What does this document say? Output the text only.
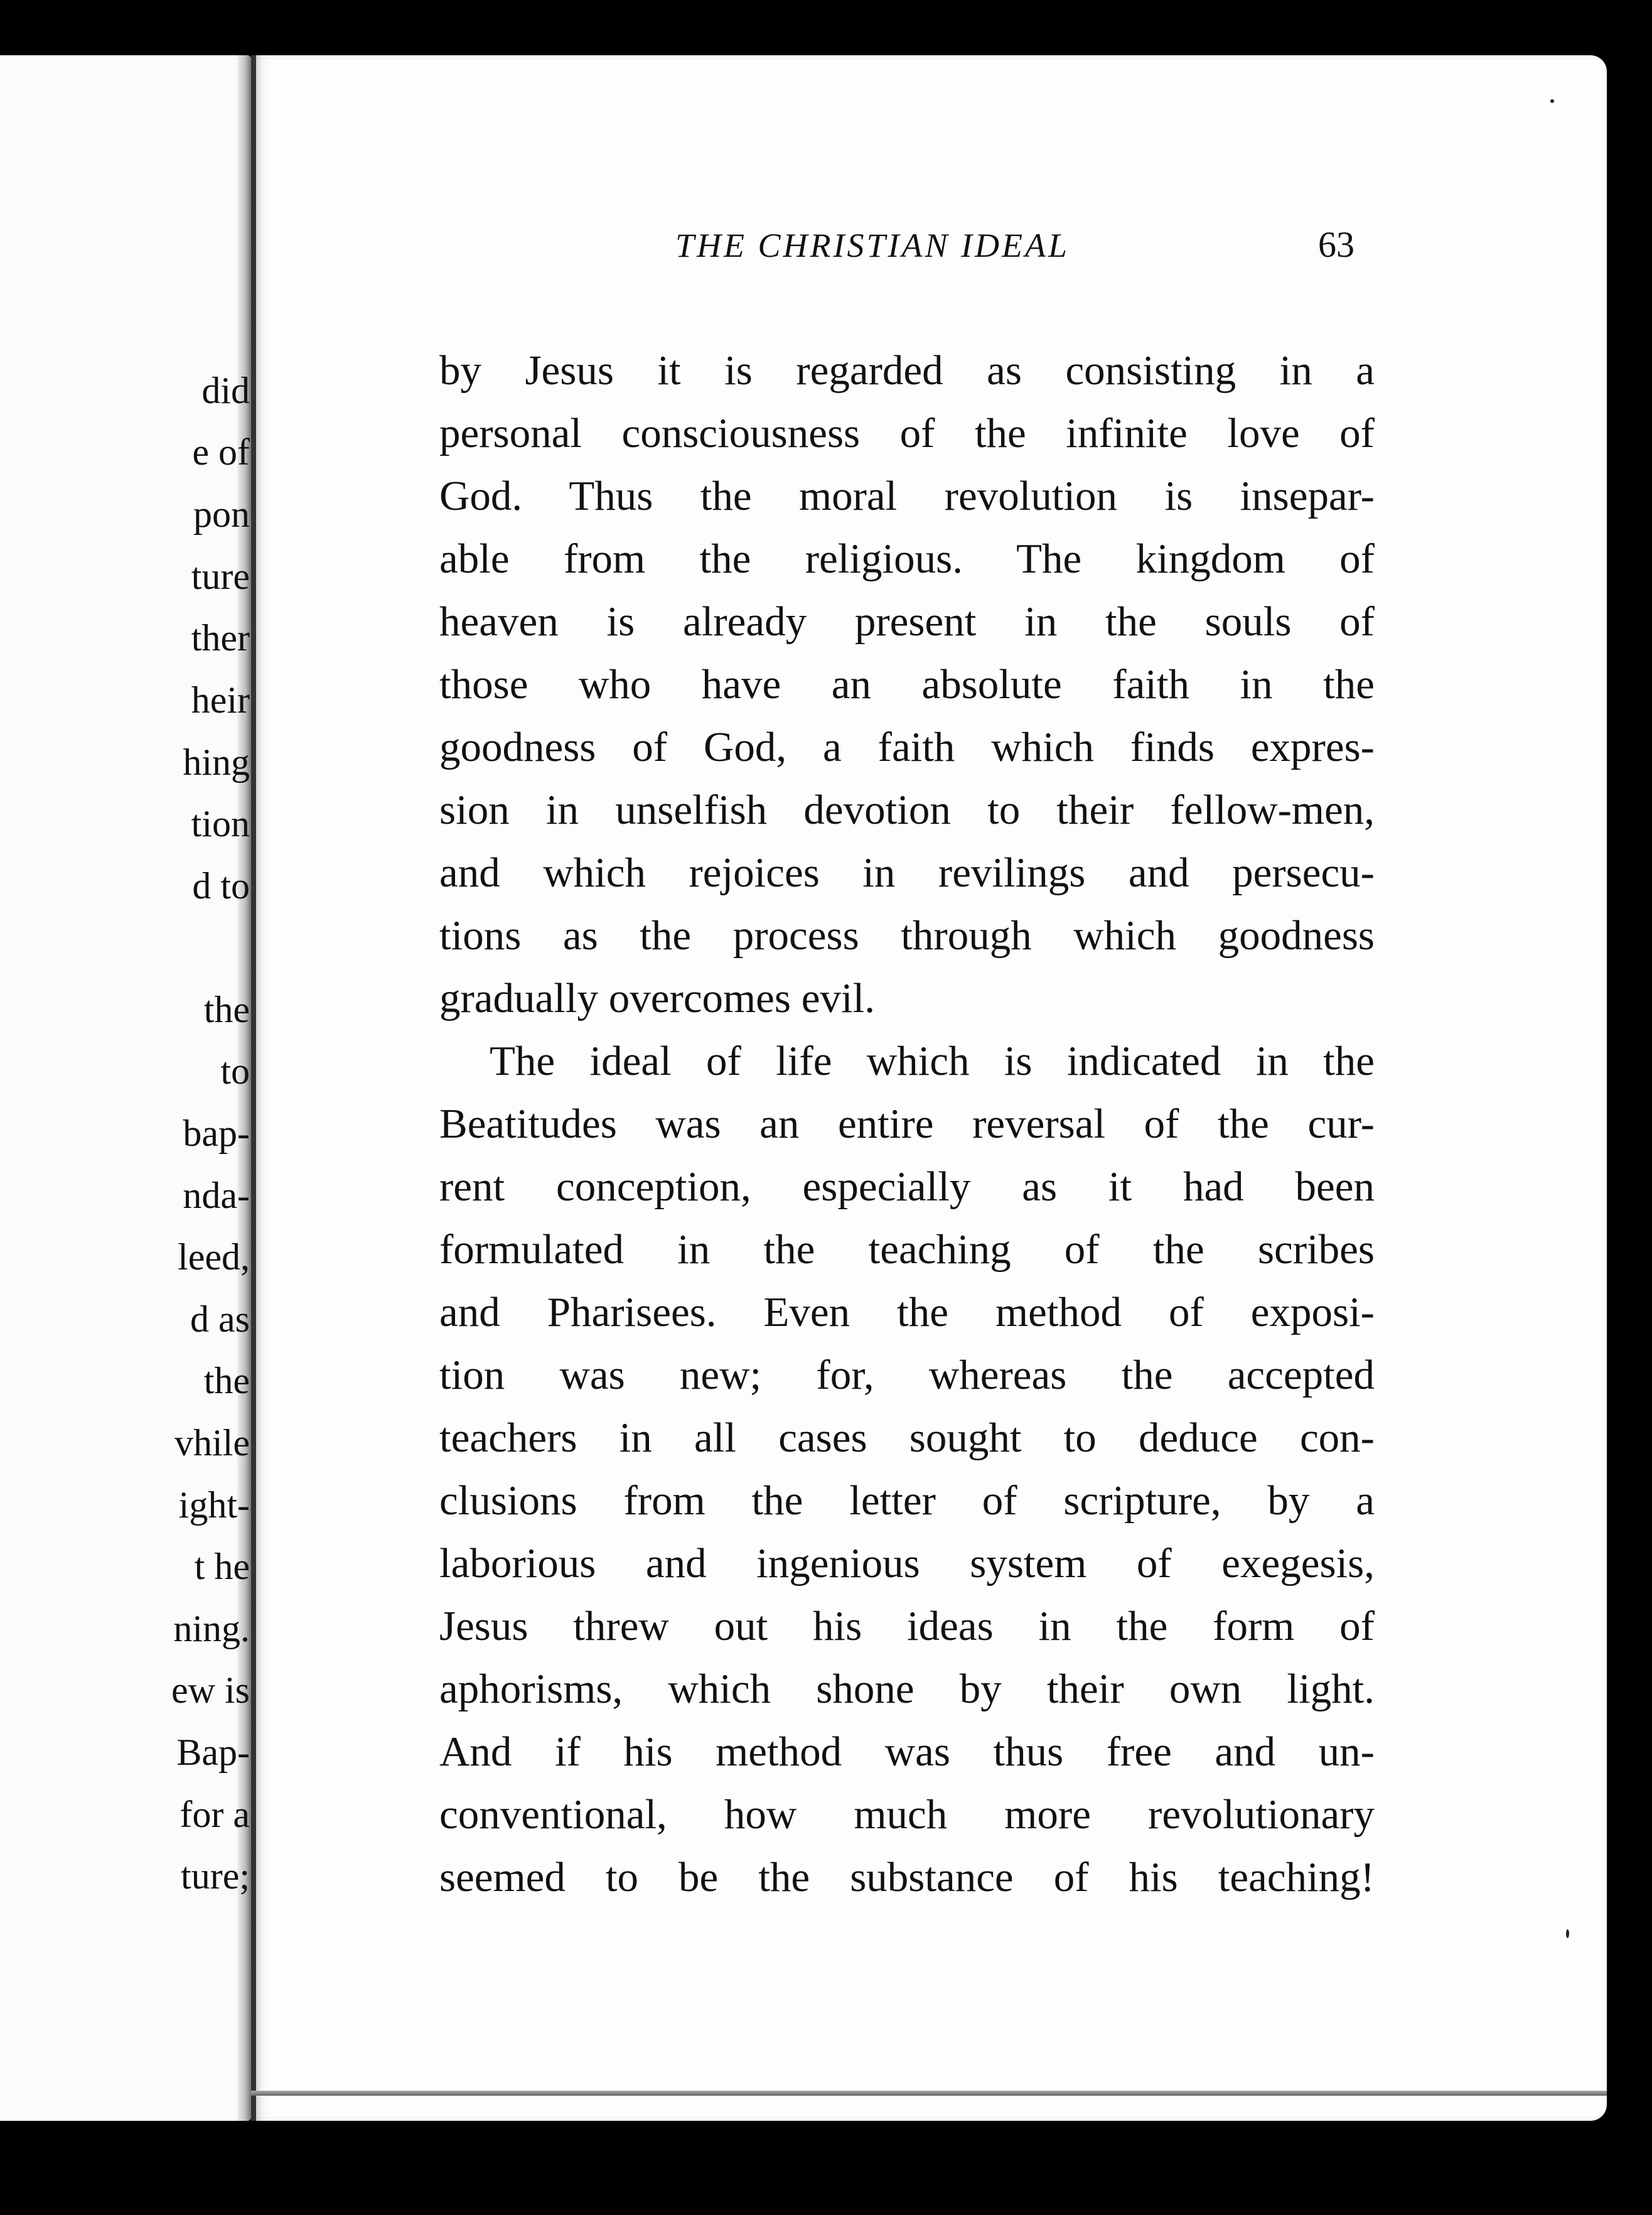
did
e of
pon
ture
ther
heir
hing
tion
d to
the
to
bap-
nda-
leed,
d as
the
vhile
ight-
t he
ning.
ew is
Bap-
for a
ture;
THE CHRISTIAN IDEAL	63
by Jesus it is regarded as consisting in a
personal consciousness of the infinite love of
God. Thus the moral revolution is insepar-
able from the religious. The kingdom of
heaven is already present in the souls of
those who have an absolute faith in the
goodness of God, a faith which finds expres-
sion in unselfish devotion to their fellow-men,
and which rejoices in revilings and persecu-
tions as the process through which goodness
gradually overcomes evil.
The ideal of life which is indicated in the
Beatitudes was an entire reversal of the cur-
rent conception, especially as it had been
formulated in the teaching of the scribes
and Pharisees. Even the method of exposi-
tion was new; for, whereas the accepted
teachers in all cases sought to deduce con-
clusions from the letter of scripture, by a
laborious and ingenious system of exegesis,
Jesus threw out his ideas in the form of
aphorisms, which shone by their own light.
And if his method was thus free and un-
conventional, how much more revolutionary
seemed to be the substance of his teaching!
